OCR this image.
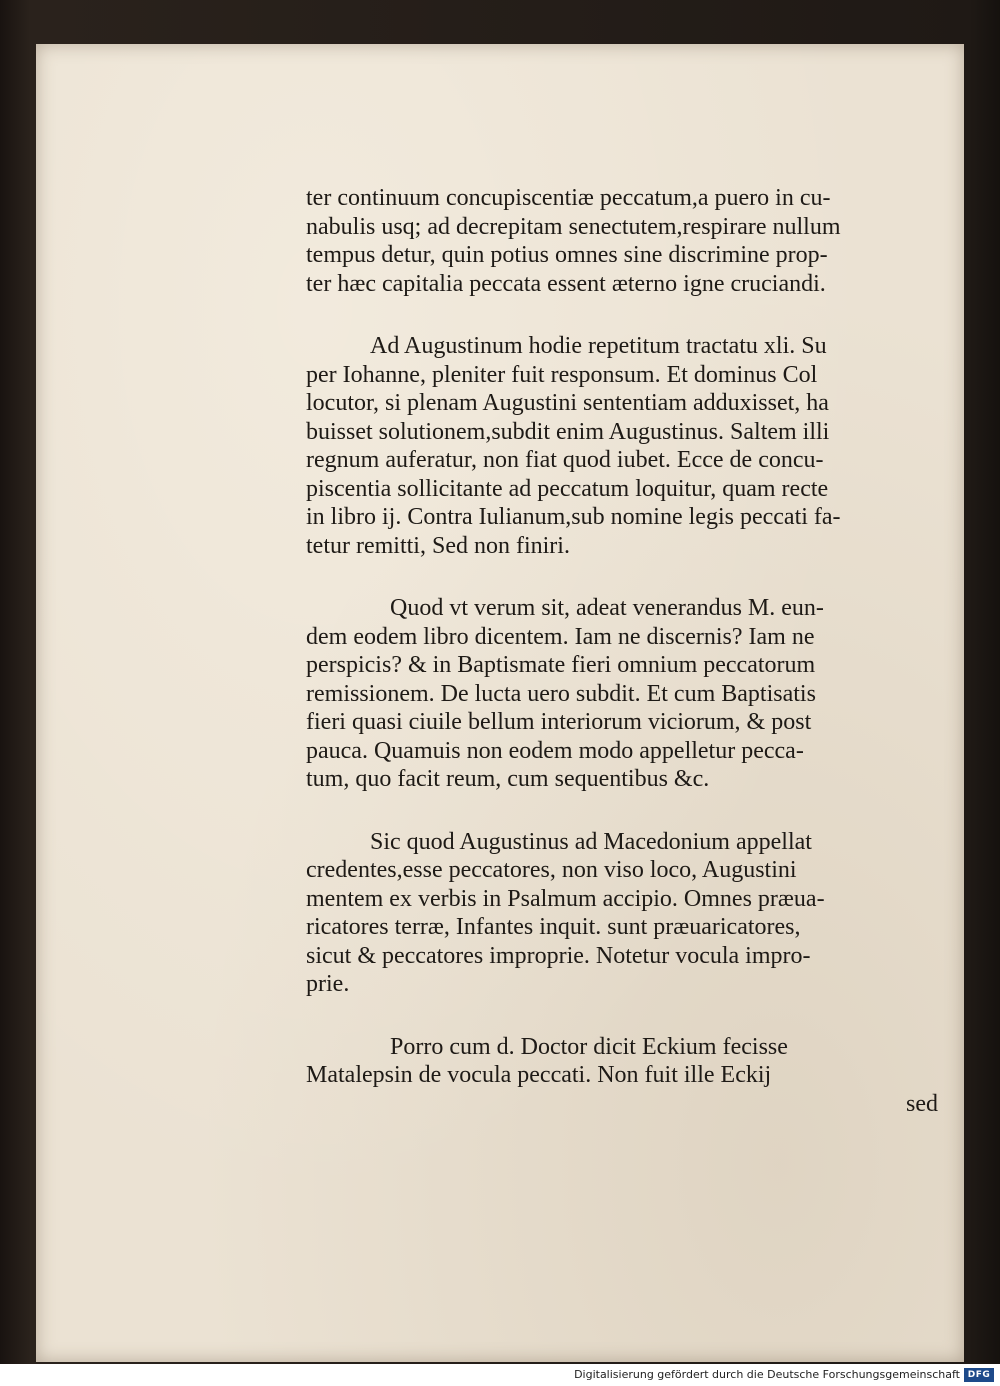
ter continuum concupiscentiæ peccatum,a puero in cu-

nabulis usq; ad decrepitam senectutem,respirare nullum

tempus detur, quin potius omnes sine discrimine prop-

ter hæc capitalia peccata essent æterno igne cruciandi.

Ad Augustinum hodie repetitum tractatu xli. Su

per Iohanne, pleniter fuit responsum. Et dominus Col

locutor, si plenam Augustini sententiam adduxisset, ha

buisset solutionem,subdit enim Augustinus. Saltem illi

regnum auferatur, non fiat quod iubet. Ecce de concu-

piscentia sollicitante ad peccatum loquitur, quam recte

in libro ij. Contra Iulianum,sub nomine legis peccati fa-

tetur remitti, Sed non finiri.

Quod vt verum sit, adeat venerandus M. eun-

dem eodem libro dicentem. Iam ne discernis? Iam ne

perspicis? & in Baptismate fieri omnium peccatorum

remissionem. De lucta uero subdit. Et cum Baptisatis

fieri quasi ciuile bellum interiorum viciorum, & post

pauca. Quamuis non eodem modo appelletur pecca-

tum, quo facit reum, cum sequentibus &c.

Sic quod Augustinus ad Macedonium appellat

credentes,esse peccatores, non viso loco, Augustini

mentem ex verbis in Psalmum accipio. Omnes præua-

ricatores terræ, Infantes inquit. sunt præuaricatores,

sicut & peccatores improprie. Notetur vocula impro-

prie.

Porro cum d. Doctor dicit Eckium fecisse

Matalepsin de vocula peccati. Non fuit ille Eckij

sed

Digitalisierung gefördert durch die Deutsche Forschungsgemeinschaft DFG
